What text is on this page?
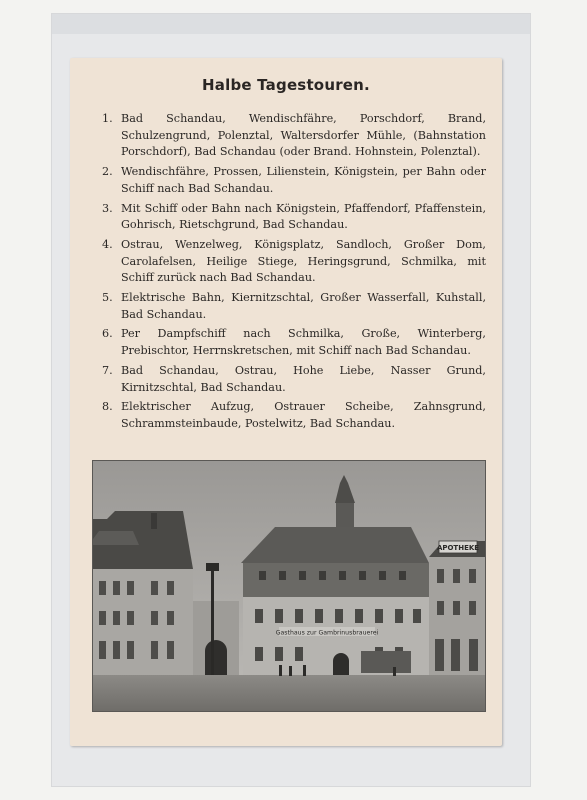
Halbe Tagestouren.
1. Bad Schandau, Wendischfähre, Porschdorf, Brand, Schulzengrund, Polenztal, Waltersdorfer Mühle, (Bahnstation Porschdorf), Bad Schandau (oder Brand. Hohnstein, Polenztal).
2. Wendischfähre, Prossen, Lilienstein, Königstein, per Bahn oder Schiff nach Bad Schandau.
3. Mit Schiff oder Bahn nach Königstein, Pfaffendorf, Pfaffenstein, Gohrisch, Rietschgrund, Bad Schandau.
4. Ostrau, Wenzelweg, Königsplatz, Sandloch, Großer Dom, Carolafelsen, Heilige Stiege, Heringsgrund, Schmilka, mit Schiff zurück nach Bad Schandau.
5. Elektrische Bahn, Kiernitzschtal, Großer Wasserfall, Kuhstall, Bad Schandau.
6. Per Dampfschiff nach Schmilka, Große, Winterberg, Prebischtor, Herrnskretschen, mit Schiff nach Bad Schandau.
7. Bad Schandau, Ostrau, Hohe Liebe, Nasser Grund, Kirnitzschtal, Bad Schandau.
8. Elektrischer Aufzug, Ostrauer Scheibe, Zahnsgrund, Schrammsteinbaude, Postelwitz, Bad Schandau.
Gasthaus zur Gambrinusbrauerei
APOTHEKE
